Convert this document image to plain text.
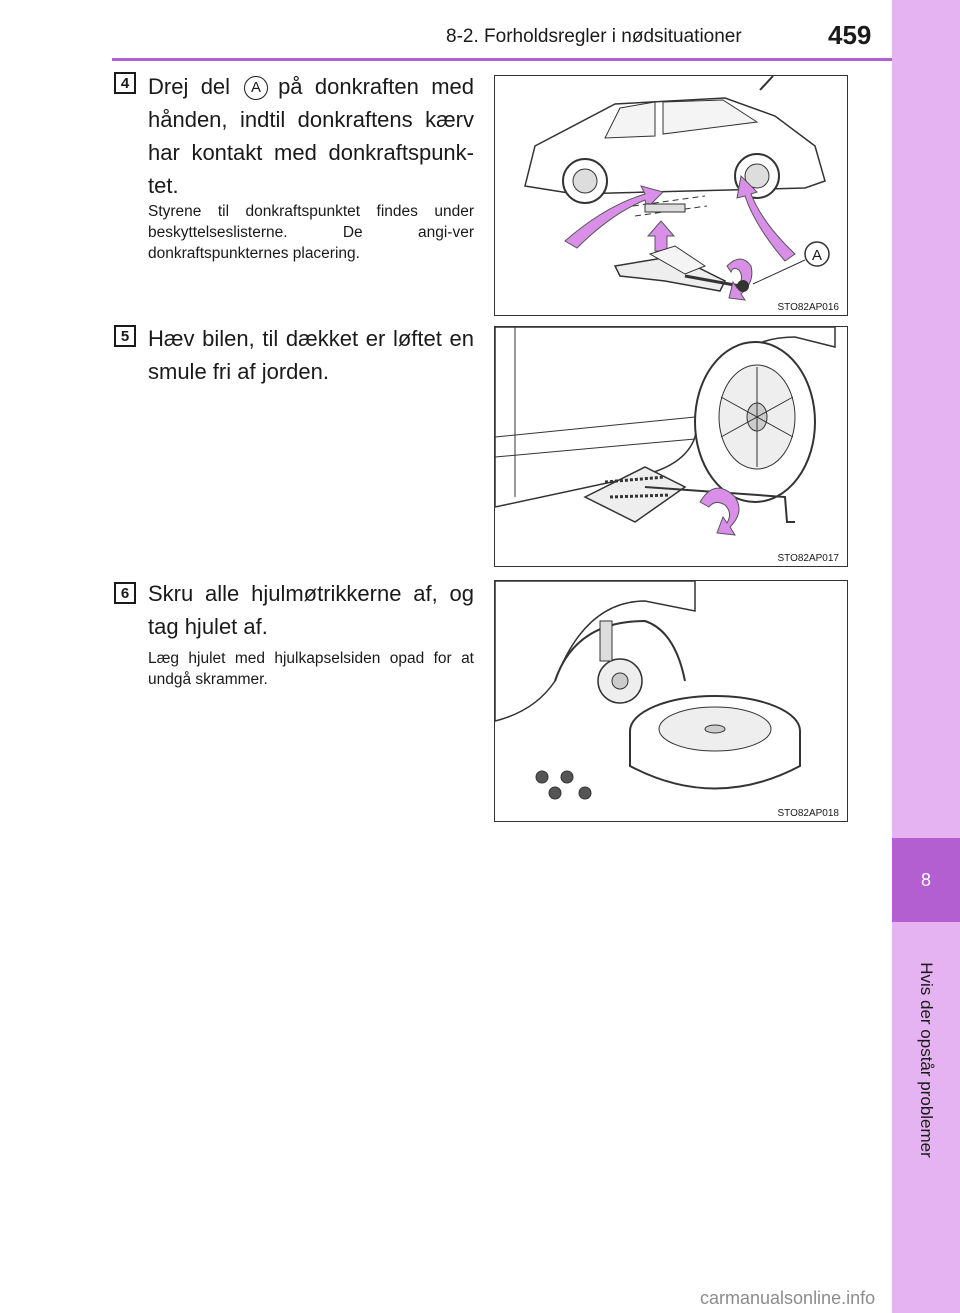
8-2. Forholdsregler i nødsituationer	459
8
Hvis der opstår problemer
4 Drej del A på donkraften med hånden, indtil donkraftens kærv har kontakt med donkraftspunk-tet.
Styrene til donkraftspunktet findes under beskyttelseslisterne. De angi-ver donkraftspunkternes placering.	A
STO82AP016
5 Hæv bilen, til dækket er løftet en smule fri af jorden.
STO82AP017
6 Skru alle hjulmøtrikkerne af, og tag hjulet af.
Læg hjulet med hjulkapselsiden opad for at undgå skrammer.
STO82AP018
carmanualsonline.info
